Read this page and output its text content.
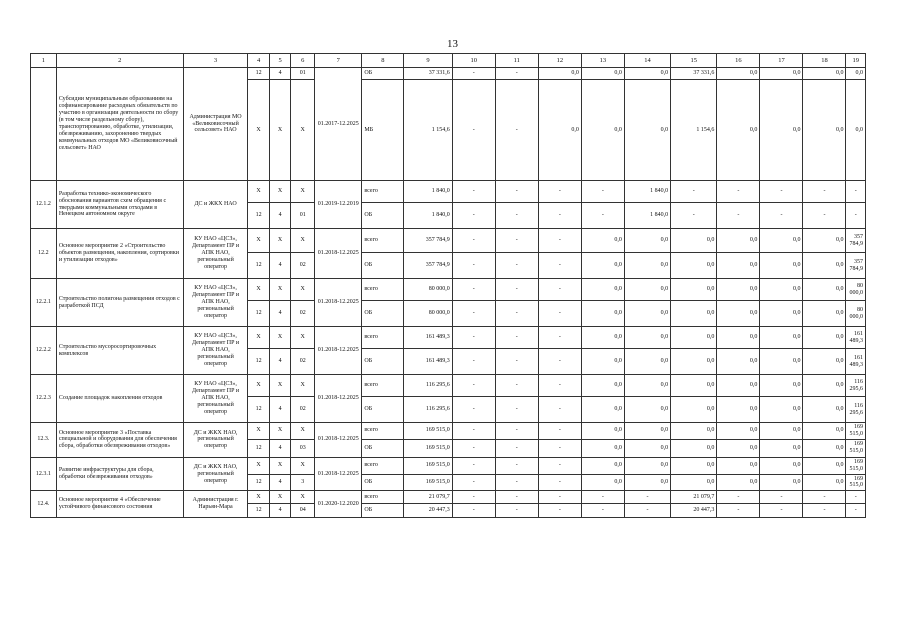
13
1	2	3	4	5	6	7	8	9	10	11	12	13	14	15	16	17	18	19
	Субсидии муниципальным образованиям на софинансирование расходных обязательств по участию в организации деятельности по сбору (в том числе раздельному сбору), транспортированию, обработке, утилизации, обезвреживанию, захоронению твердых коммунальных отходов МО «Великовисочный сельсовет» НАО	Администрация МО «Великовисочный сельсовет» НАО	12	4	01	01.2017-12.2025	ОБ	37 331,6	-	-	0,0	0,0	0,0	37 331,6	0,0	0,0	0,0	0,0
			Х	Х	Х		МБ	1 154,6	-	-	0,0	0,0	0,0	1 154,6	0,0	0,0	0,0	0,0
12.1.2	Разработка технико-экономического обоснования вариантов схем обращения с твердыми коммунальными отходами в Ненецком автономном округе	ДС и ЖКХ НАО	Х	Х	Х	01.2019-12.2019	всего	1 840,0	-	-	-	-	1 840,0	-	-	-	-	-
			12	4	01		ОБ	1 840,0	-	-	-	-	1 840,0	-	-	-	-	-
12.2	Основное мероприятие 2 «Строительство объектов размещения, накопления, сортировки и утилизации отходов»	КУ НАО «ЦСЗ», Департамент ПР и АПК НАО, региональный оператор	Х	Х	Х	01.2018-12.2025	всего	357 784,9	-	-	-	0,0	0,0	0,0	0,0	0,0	0,0	357 784,9
			12	4	02		ОБ	357 784,9	-	-	-	0,0	0,0	0,0	0,0	0,0	0,0	357 784,9
12.2.1	Строительство полигона размещения отходов с разработкой ПСД	КУ НАО «ЦСЗ», Департамент ПР и АПК НАО, региональный оператор	Х	Х	Х	01.2018-12.2025	всего	80 000,0	-	-	-	0,0	0,0	0,0	0,0	0,0	0,0	80 000,0
			12	4	02		ОБ	80 000,0	-	-	-	0,0	0,0	0,0	0,0	0,0	0,0	80 000,0
12.2.2	Строительство мусоросортировочных комплексов	КУ НАО «ЦСЗ», Департамент ПР и АПК НАО, региональный оператор	Х	Х	Х	01.2018-12.2025	всего	161 489,3	-	-	-	0,0	0,0	0,0	0,0	0,0	0,0	161 489,3
			12	4	02		ОБ	161 489,3	-	-	-	0,0	0,0	0,0	0,0	0,0	0,0	161 489,3
12.2.3	Создание площадок накопления отходов	КУ НАО «ЦСЗ», Департамент ПР и АПК НАО, региональный оператор	Х	Х	Х	01.2018-12.2025	всего	116 295,6	-	-	-	0,0	0,0	0,0	0,0	0,0	0,0	116 295,6
			12	4	02		ОБ	116 295,6	-	-	-	0,0	0,0	0,0	0,0	0,0	0,0	116 295,6
12.3.	Основное мероприятие 3 «Поставка специальной и оборудования для обеспечения сбора, обработки обезвреживания отходов»	ДС и ЖКХ НАО, региональный оператор	Х	Х	Х	01.2018-12.2025	всего	169 515,0	-	-	-	0,0	0,0	0,0	0,0	0,0	0,0	169 515,0
			12	4	03		ОБ	169 515,0	-	-	-	0,0	0,0	0,0	0,0	0,0	0,0	169 515,0
12.3.1	Развитие инфраструктуры для сбора, обработки обезвреживания отходов»	ДС и ЖКХ НАО, региональный оператор	Х	Х	Х	01.2018-12.2025	всего	169 515,0	-	-	-	0,0	0,0	0,0	0,0	0,0	0,0	169 515,0
			12	4	3		ОБ	169 515,0	-	-	-	0,0	0,0	0,0	0,0	0,0	0,0	169 515,0
12.4.	Основное мероприятие 4 «Обеспечение устойчивого финансового состояния	Администрация г. Нарьян-Мара	Х	Х	Х	01.2020-12.2020	всего	21 079,7	-	-	-	-	-	21 079,7	-	-	-	-
			12	4	04		ОБ	20 447,3	-	-	-	-	-	20 447,3	-	-	-	-
